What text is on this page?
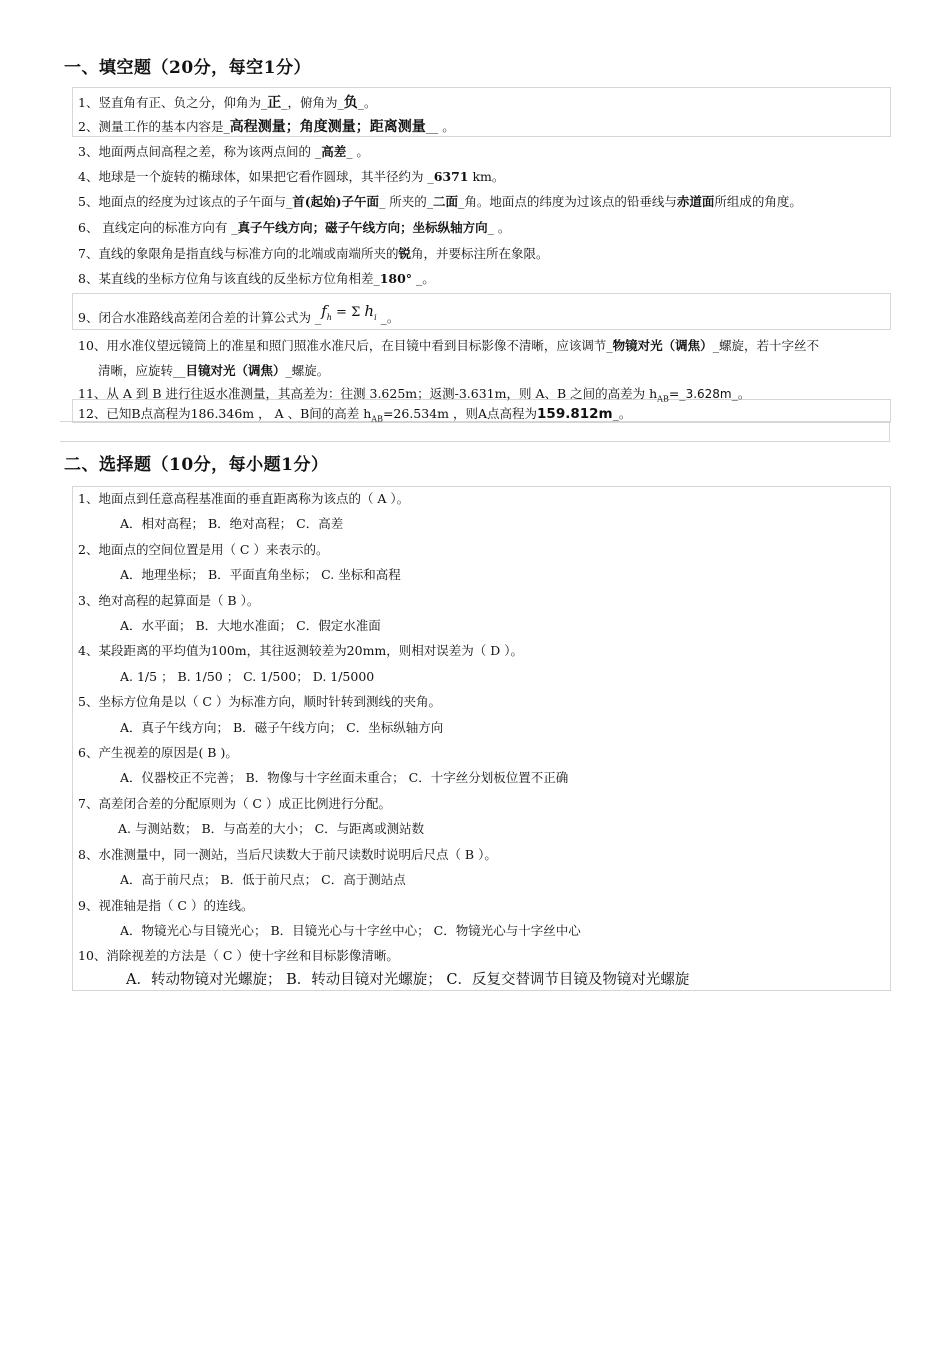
一、填空题（20分，每空1分）
1、竖直角有正、负之分，仰角为_正_，俯角为_负_。
2、测量工作的基本内容是_高程测量；角度测量；距离测量__ 。
3、地面两点间高程之差，称为该两点间的 _高差_ 。
4、地球是一个旋转的椭球体，如果把它看作圆球，其半径约为 _6371 km。
5、地面点的经度为过该点的子午面与_首(起始)子午面_ 所夹的_二面_角。地面点的纬度为过该点的铅垂线与赤道面所组成的角度。
6、 直线定向的标准方向有 _真子午线方向；磁子午线方向；坐标纵轴方向_ 。
7、直线的象限角是指直线与标准方向的北端或南端所夹的锐角，并要标注所在象限。
8、某直线的坐标方位角与该直线的反坐标方位角相差_180° _。
9、闭合水准路线高差闭合差的计算公式为 $\_f_h = \Sigma$ $h_i$ _。
10、用水准仪望远镜筒上的准星和照门照准水准尺后，在目镜中看到目标影像不清晰，应该调节_物镜对光（调焦）_螺旋，若十字丝不
清晰，应旋转__目镜对光（调焦）_螺旋。
11、从 A 到 B 进行往返水准测量，其高差为：往测 3.625m；返测-3.631m，则 A、B 之间的高差为 $h_{AB}=\_3.628m\_$。
12、已知B点高程为186.346m ， A 、B间的高差 $h_{AB}=26.534m$ ，则A点高程为159.812m_。
二、选择题（10分，每小题1分）
1、地面点到任意高程基准面的垂直距离称为该点的（ A ）。
A．相对高程； B．绝对高程； C．高差
2、地面点的空间位置是用（ C ）来表示的。
A．地理坐标； B．平面直角坐标； C. 坐标和高程
3、绝对高程的起算面是（ B ）。
A．水平面； B．大地水准面； C．假定水准面
4、某段距离的平均值为100m，其往返测较差为20mm，则相对误差为（ D ）。
A. 1/5 ； B. 1/50 ； C. 1/500； D. 1/5000
5、坐标方位角是以（ C ）为标准方向，顺时针转到测线的夹角。
A．真子午线方向； B．磁子午线方向； C．坐标纵轴方向
6、产生视差的原因是( B )。
A．仪器校正不完善； B．物像与十字丝面未重合； C．十字丝分划板位置不正确
7、高差闭合差的分配原则为（ C ）成正比例进行分配。
A. 与测站数； B．与高差的大小； C．与距离或测站数
8、水准测量中，同一测站，当后尺读数大于前尺读数时说明后尺点（ B ）。
A．高于前尺点； B．低于前尺点； C．高于测站点
9、视准轴是指（ C ）的连线。
A．物镜光心与目镜光心； B．目镜光心与十字丝中心； C．物镜光心与十字丝中心
10、消除视差的方法是（ C ）使十字丝和目标影像清晰。
A．转动物镜对光螺旋； B．转动目镜对光螺旋； C．反复交替调节目镜及物镜对光螺旋
